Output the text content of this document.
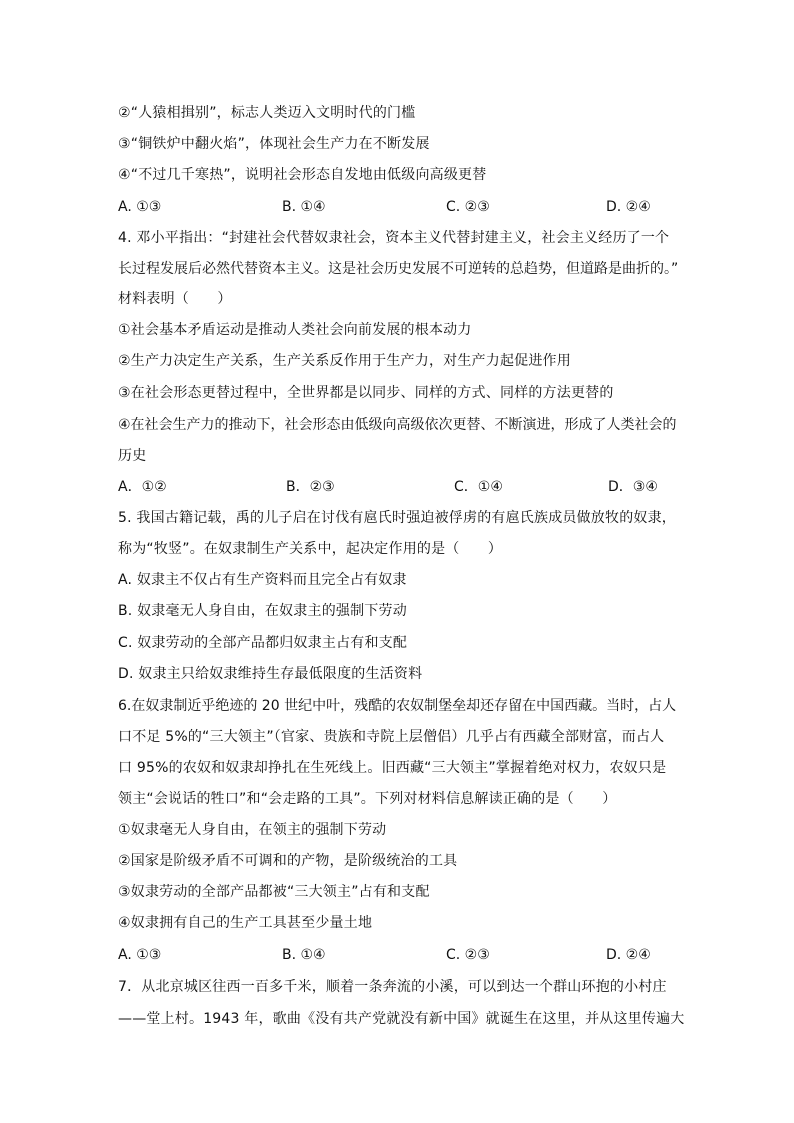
②“人猿相揖别”，标志人类迈入文明时代的门槛
③“铜铁炉中翻火焰”，体现社会生产力在不断发展
④“不过几千寒热”，说明社会形态自发地由低级向高级更替
A. ①③	B. ①④	C. ②③	D. ②④
4. 邓小平指出：“封建社会代替奴隶社会，资本主义代替封建主义，社会主义经历了一个
长过程发展后必然代替资本主义。这是社会历史发展不可逆转的总趋势，但道路是曲折的。”
材料表明（　　）
①社会基本矛盾运动是推动人类社会向前发展的根本动力
②生产力决定生产关系，生产关系反作用于生产力，对生产力起促进作用
③在社会形态更替过程中，全世界都是以同步、同样的方式、同样的方法更替的
④在社会生产力的推动下，社会形态由低级向高级依次更替、不断演进，形成了人类社会的
历史
A．①②	B．②③	C．①④	D．③④
5. 我国古籍记载，禹的儿子启在讨伐有扈氏时强迫被俘虏的有扈氏族成员做放牧的奴隶，
称为“牧竖”。在奴隶制生产关系中，起决定作用的是（　　）
A. 奴隶主不仅占有生产资料而且完全占有奴隶
B. 奴隶毫无人身自由，在奴隶主的强制下劳动
C. 奴隶劳动的全部产品都归奴隶主占有和支配
D. 奴隶主只给奴隶维持生存最低限度的生活资料
6.在奴隶制近乎绝迹的 20 世纪中叶，残酷的农奴制堡垒却还存留在中国西藏。当时，占人
口不足 5%的“三大领主”（官家、贵族和寺院上层僧侣）几乎占有西藏全部财富，而占人
口 95%的农奴和奴隶却挣扎在生死线上。旧西藏“三大领主”掌握着绝对权力，农奴只是
领主“会说话的牲口”和“会走路的工具”。下列对材料信息解读正确的是（　　）
①奴隶毫无人身自由，在领主的强制下劳动
②国家是阶级矛盾不可调和的产物，是阶级统治的工具
③奴隶劳动的全部产品都被“三大领主”占有和支配
④奴隶拥有自己的生产工具甚至少量土地
A. ①③	B. ①④	C. ②③	D. ②④
7．从北京城区往西一百多千米，顺着一条奔流的小溪，可以到达一个群山环抱的小村庄
——堂上村。1943 年，歌曲《没有共产党就没有新中国》就诞生在这里，并从这里传遍大
